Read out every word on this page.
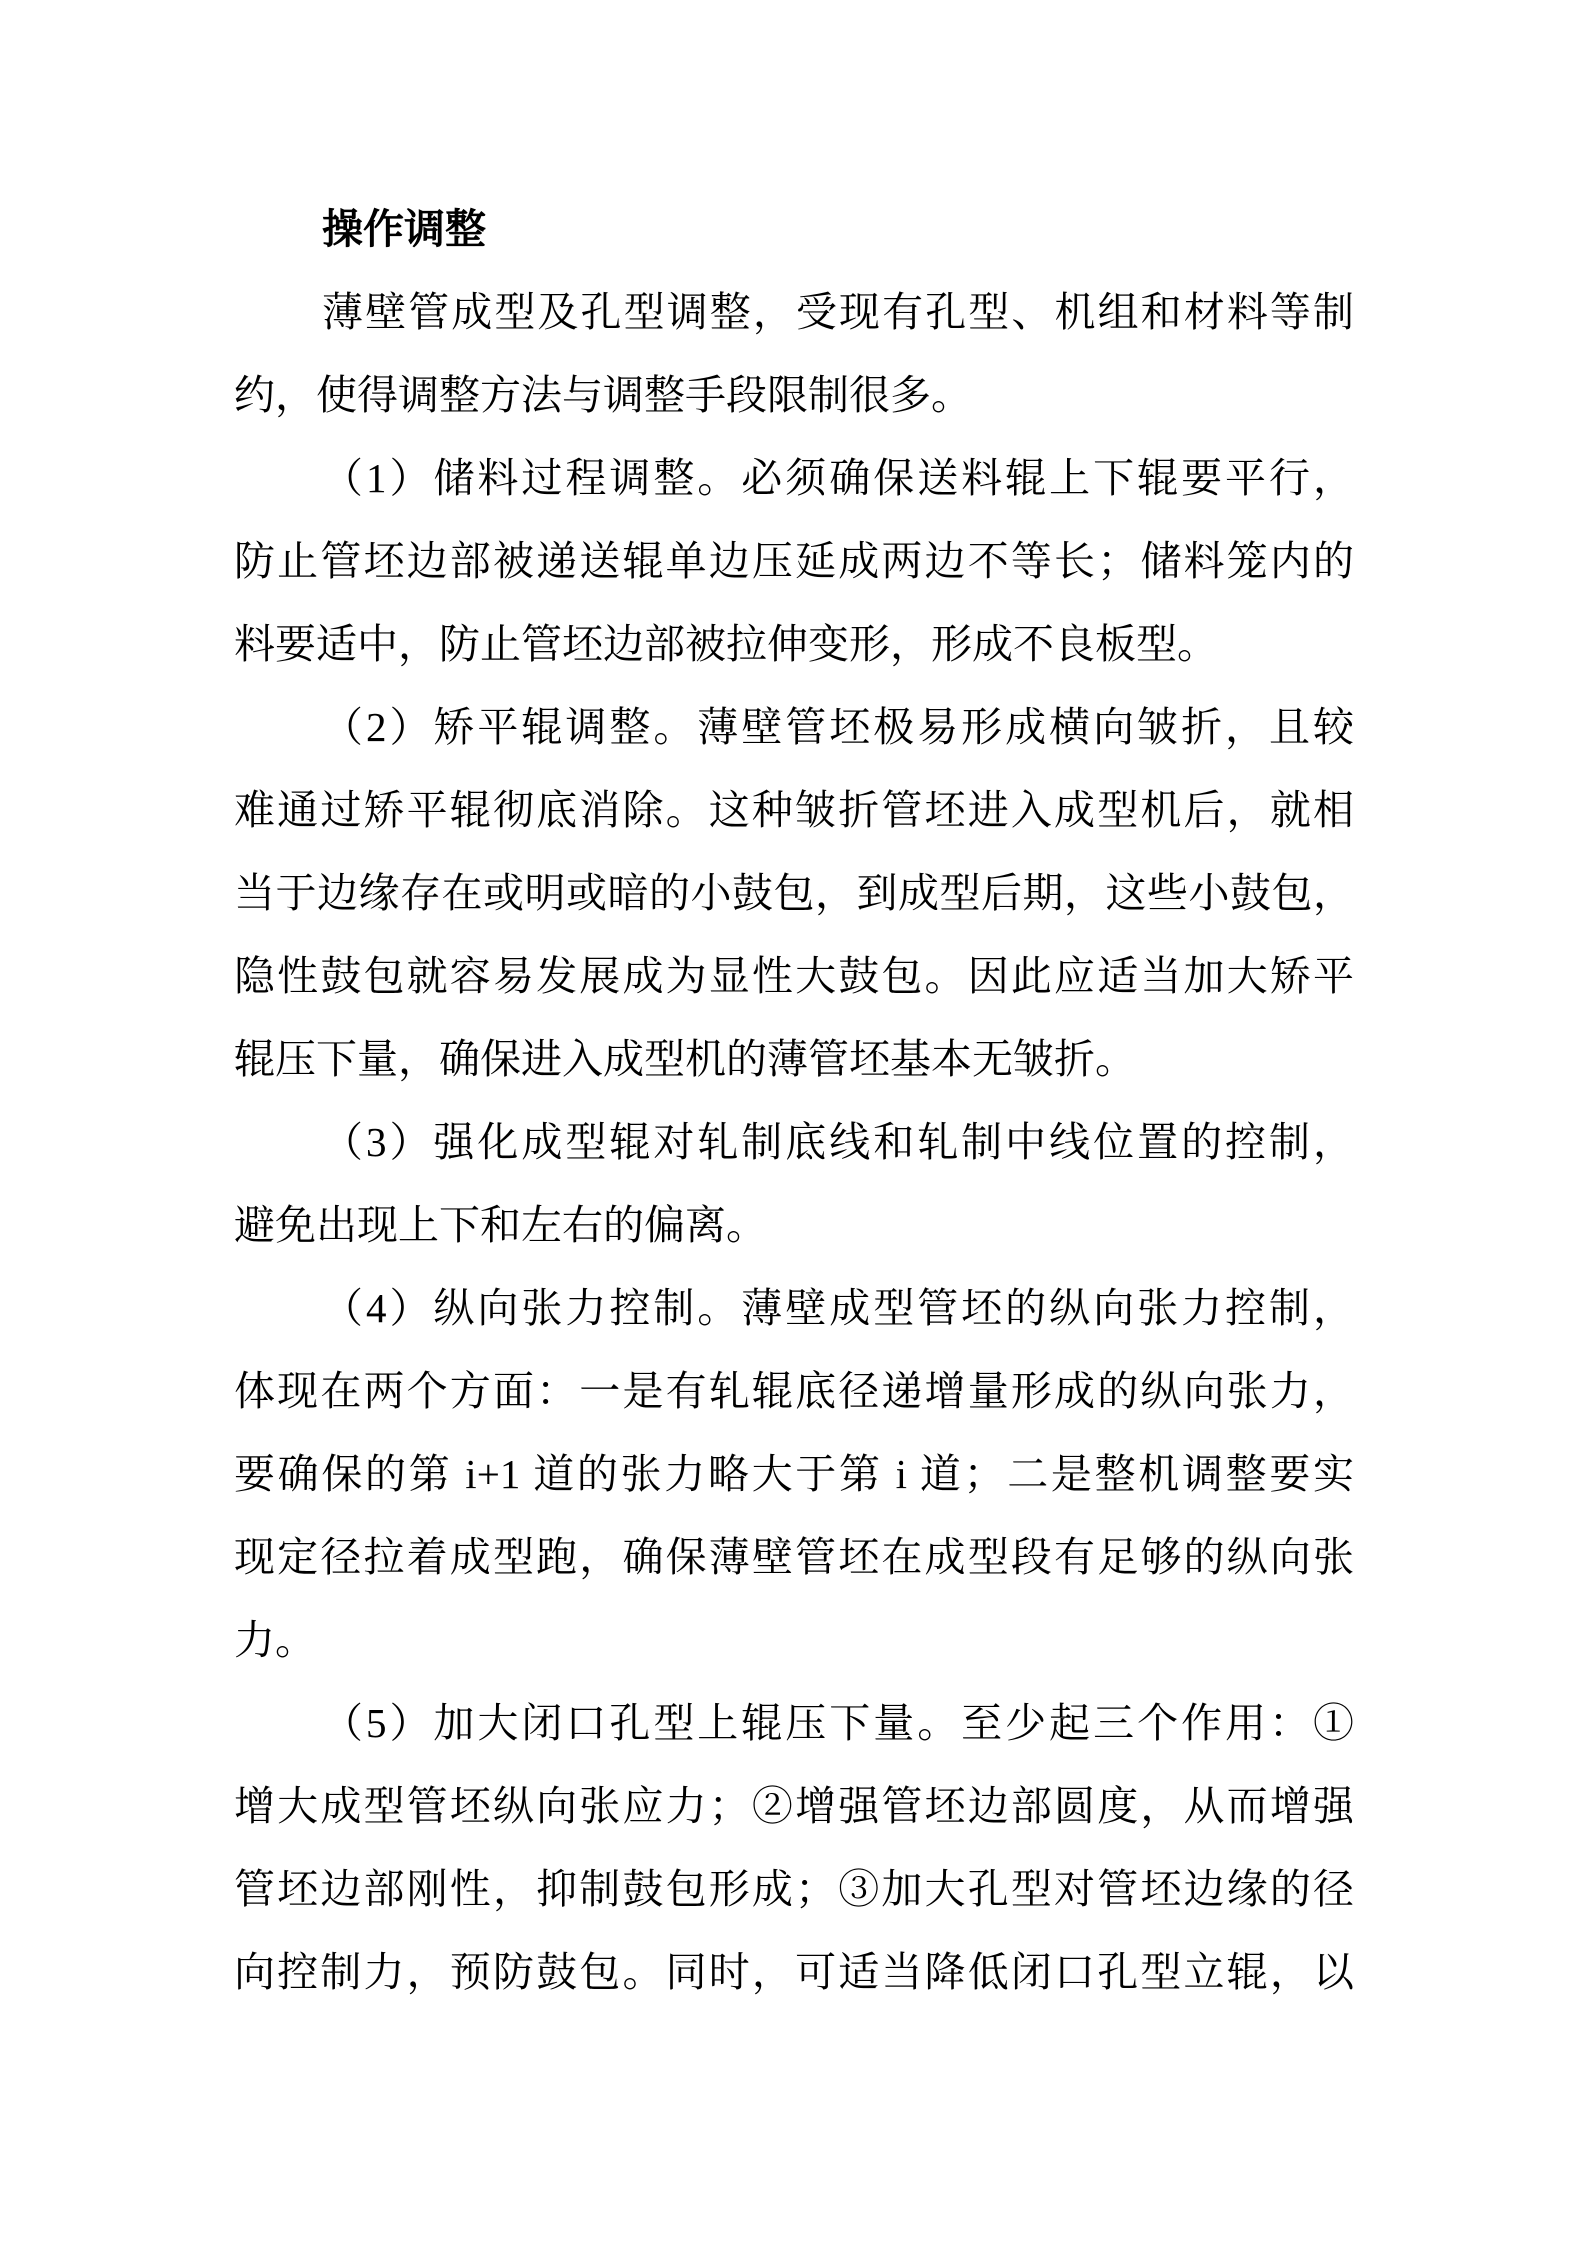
操作调整
薄壁管成型及孔型调整，受现有孔型、机组和材料等制
约，使得调整方法与调整手段限制很多。
（1）储料过程调整。必须确保送料辊上下辊要平行，
防止管坯边部被递送辊单边压延成两边不等长；储料笼内的
料要适中，防止管坯边部被拉伸变形，形成不良板型。
（2）矫平辊调整。薄壁管坯极易形成横向皱折，且较
难通过矫平辊彻底消除。这种皱折管坯进入成型机后，就相
当于边缘存在或明或暗的小鼓包，到成型后期，这些小鼓包，
隐性鼓包就容易发展成为显性大鼓包。因此应适当加大矫平
辊压下量，确保进入成型机的薄管坯基本无皱折。
（3）强化成型辊对轧制底线和轧制中线位置的控制，
避免出现上下和左右的偏离。
（4）纵向张力控制。薄壁成型管坯的纵向张力控制，
体现在两个方面：一是有轧辊底径递增量形成的纵向张力，
要确保的第 i+1 道的张力略大于第 i 道；二是整机调整要实
现定径拉着成型跑，确保薄壁管坯在成型段有足够的纵向张
力。
（5）加大闭口孔型上辊压下量。至少起三个作用：①
增大成型管坯纵向张应力；②增强管坯边部圆度，从而增强
管坯边部刚性，抑制鼓包形成；③加大孔型对管坯边缘的径
向控制力，预防鼓包。同时，可适当降低闭口孔型立辊，以
